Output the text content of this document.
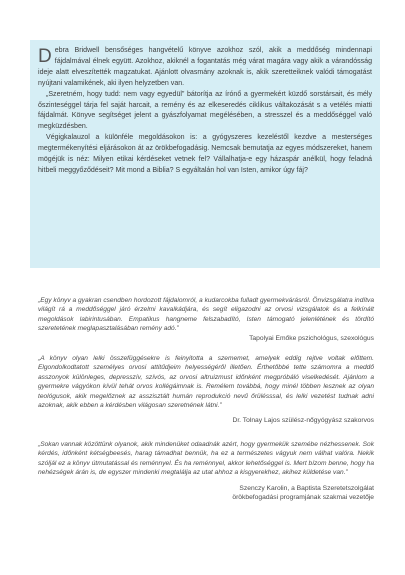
Debra Bridwell bensőséges hangvételű könyve azokhoz szól, akik a meddőség mindennapi fájdalmával élnek együtt. Azokhoz, akiknél a fogantatás még várat magára vagy akik a várandósság ideje alatt elveszítették magzatukat. Ajánlott olvasmány azoknak is, akik szeretteiknek valódi támogatást nyújtani valamikének, aki ilyen helyzetben van.

„Szeretném, hogy tudd: nem vagy egyedül” bátorítja az írónő a gyermekért küzdő sorstársait, és mély őszinteséggel tárja fel saját harcait, a remény és az elkeseredés ciklikus váltakozását s a vetélés miatti fájdalmát. Könyve segítséget jelent a gyászfolyamat megélésében, a stresszel és a meddőséggel való megküzdésben.

Végigkalauzol a különféle megoldásokon is: a gyógyszeres kezeléstől kezdve a mesterséges megtermékenyítési eljárásokon át az örökbefogadásig. Nemcsak bemutatja az egyes módszereket, hanem mögéjük is néz: Milyen etikai kérdéseket vetnek fel? Vállalhatja-e egy házaspár anélkül, hogy feladná hitbeli meggyőződéseit? Mit mond a Biblia? S egyáltalán hol van Isten, amikor úgy fáj?

„Egy könyv a gyakran csendben hordozott fájdalomról, a kudarcokba fulladt gyermekvárásról. Önvizsgálatra indítva világít rá a meddőséggel járó érzelmi kavalkádjára, és segít eligazodni az orvosi vizsgálatok és a felkínált megoldások labirintusában. Empatikus hangneme felszabadító, Isten támogató jelenlétének és tördító szeretetének meglapasztalásában remény adó.”

Tapolyai Emőke pszichológus, szexológus

„A könyv olyan lelki összefüggésekre is feinyitotta a szememet, amelyek eddig rejtve voltak előttem. Elgondolkodtatott személyes orvosi attitűdjeim helyességéről illetően. Érthetőbbé tette számomra a meddő asszonyok különleges, depresszív, szívós, az orvosi altruizmust időnként megpróbáló viselkedését. Ajánlom a gyermekre vágyókon kívül tehát orvos kollégáimnak is. Remélem továbbá, hogy minél többen lesznek az olyan teológusok, akik megelőznek az asszisztált humán reprodukció nevű őrülésssal, és lelki vezetést tudnak adni azoknak, akik ebben a kérdésben világosan szeretnének látni.”

Dr. Tolnay Lajos szülész-nőgyógyász szakorvos

„Sokan vannak közöttünk olyanok, akik mindenüket odaadnák azért, hogy gyermekük szemébe nézhessenek. Sok kérdés, időnként kétségbeesés, harag támadhat bennük, ha ez a természetes vágyuk nem válhat valóra. Nekik szóljál ez a könyv útmutatással és reménnyel. És ha reménnyel, akkor lehetőséggel is. Mert bízom benne, hogy ha nehézségek árán is, de egyszer mindenki megtalálja az utat ahhoz a kisgyerekhez, akihez küldetése van.”

Szenczy Karolin, a Baptista Szeretetszolgálat

örökbefogadási programjának szakmai vezetője
